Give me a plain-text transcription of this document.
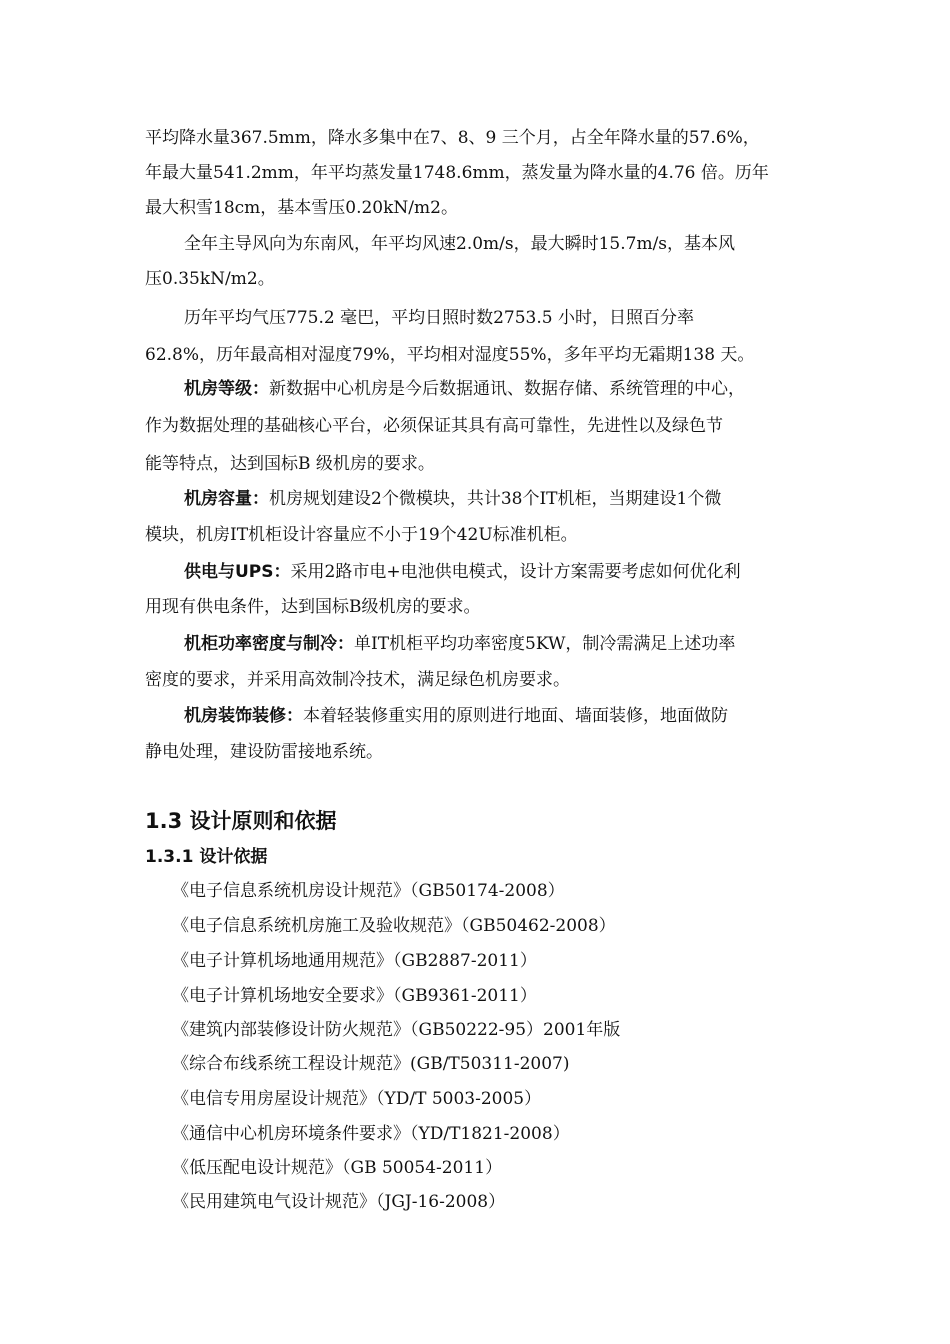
平均降水量367.5mm，降水多集中在7、8、9 三个月，占全年降水量的57.6%，
年最大量541.2mm，年平均蒸发量1748.6mm，蒸发量为降水量的4.76 倍。历年
最大积雪18cm，基本雪压0.20kN/m2。
全年主导风向为东南风，年平均风速2.0m/s，最大瞬时15.7m/s，基本风
压0.35kN/m2。
历年平均气压775.2 毫巴，平均日照时数2753.5 小时，日照百分率
62.8%，历年最高相对湿度79%，平均相对湿度55%，多年平均无霜期138 天。
机房等级：新数据中心机房是今后数据通讯、数据存储、系统管理的中心，
作为数据处理的基础核心平台，必须保证其具有高可靠性，先进性以及绿色节
能等特点，达到国标B 级机房的要求。
机房容量：机房规划建设2个微模块，共计38个IT机柜，当期建设1个微
模块，机房IT机柜设计容量应不小于19个42U标准机柜。
供电与UPS：采用2路市电+电池供电模式，设计方案需要考虑如何优化利
用现有供电条件，达到国标B级机房的要求。
机柜功率密度与制冷：单IT机柜平均功率密度5KW，制冷需满足上述功率
密度的要求，并采用高效制冷技术，满足绿色机房要求。
机房装饰装修：本着轻装修重实用的原则进行地面、墙面装修，地面做防
静电处理，建设防雷接地系统。
1.3 设计原则和依据
1.3.1 设计依据
《电子信息系统机房设计规范》（GB50174-2008）
《电子信息系统机房施工及验收规范》（GB50462-2008）
《电子计算机场地通用规范》（GB2887-2011）
《电子计算机场地安全要求》（GB9361-2011）
《建筑内部装修设计防火规范》（GB50222-95）2001年版
《综合布线系统工程设计规范》(GB/T50311-2007)
《电信专用房屋设计规范》（YD/T 5003-2005）
《通信中心机房环境条件要求》（YD/T1821-2008）
《低压配电设计规范》（GB 50054-2011）
《民用建筑电气设计规范》（JGJ-16-2008）
